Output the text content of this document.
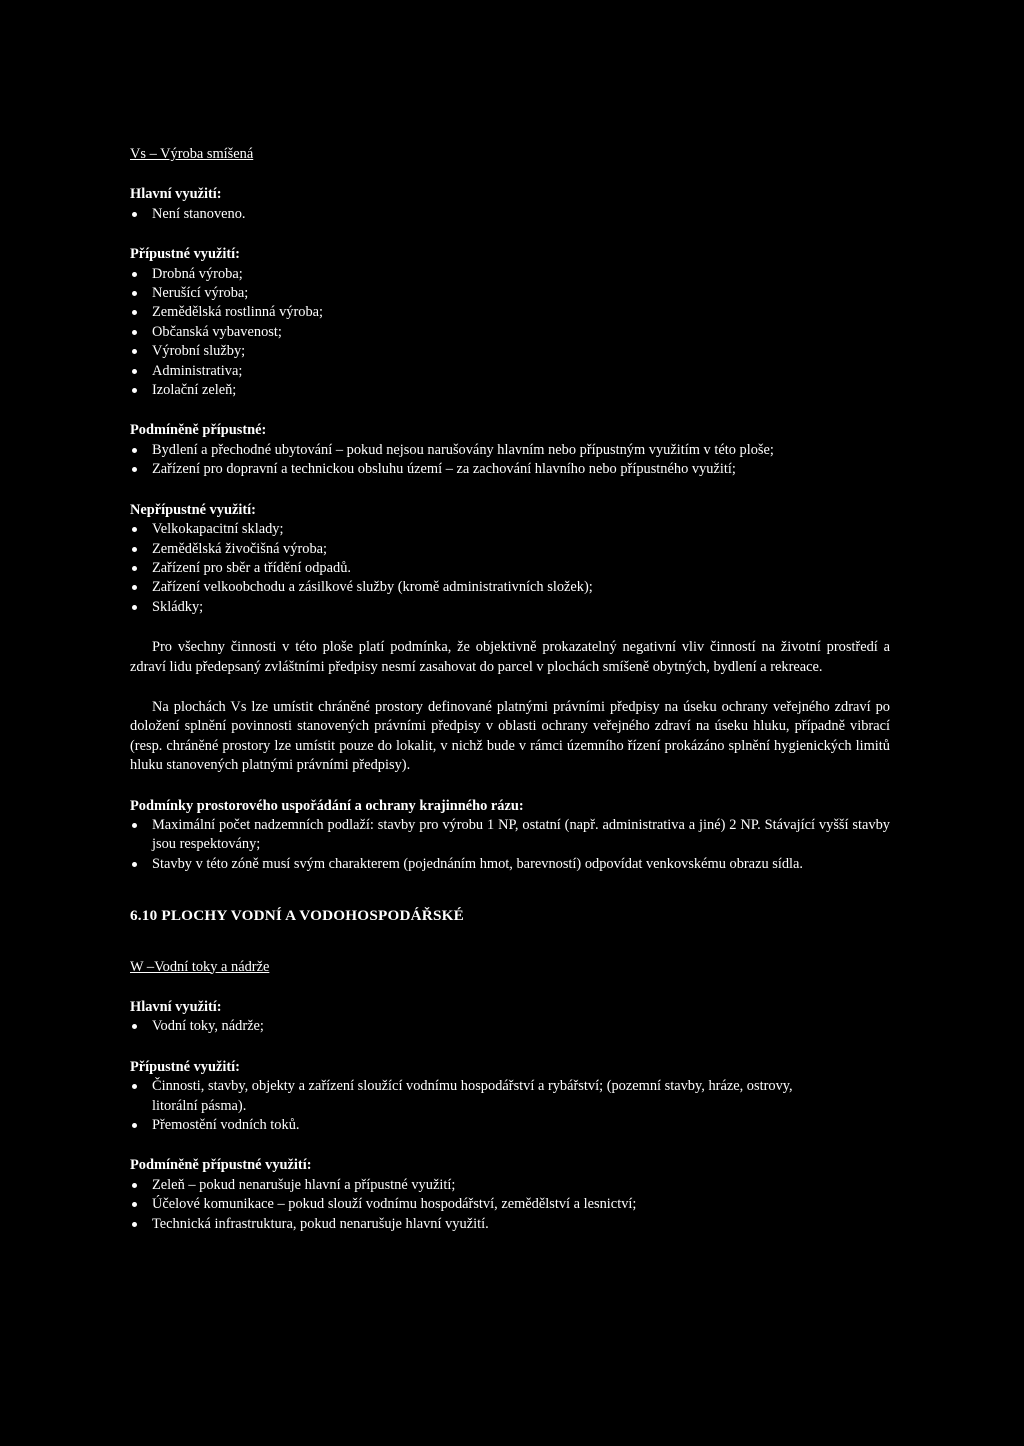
Vs – Výroba smíšená
Hlavní využití:
Není stanoveno.
Přípustné využití:
Drobná výroba;
Nerušící výroba;
Zemědělská rostlinná výroba;
Občanská vybavenost;
Výrobní služby;
Administrativa;
Izolační zeleň;
Podmíněně přípustné:
Bydlení a přechodné ubytování – pokud nejsou narušovány hlavním nebo přípustným využitím v této ploše;
Zařízení pro dopravní a technickou obsluhu území – za zachování hlavního nebo přípustného využití;
Nepřípustné využití:
Velkokapacitní sklady;
Zemědělská živočišná výroba;
Zařízení pro sběr a třídění odpadů.
Zařízení velkoobchodu a zásilkové služby (kromě administrativních složek);
Skládky;

Pro všechny činnosti v této ploše platí podmínka, že objektivně prokazatelný negativní vliv činností na životní prostředí a zdraví lidu předepsaný zvláštními předpisy nesmí zasahovat do parcel v plochách smíšeně obytných, bydlení a rekreace.

Na plochách Vs lze umístit chráněné prostory definované platnými právními předpisy na úseku ochrany veřejného zdraví po doložení splnění povinnosti stanovených právními předpisy v oblasti ochrany veřejného zdraví na úseku hluku, případně vibrací (resp. chráněné prostory lze umístit pouze do lokalit, v nichž bude v rámci územního řízení prokázáno splnění hygienických limitů hluku stanovených platnými právními předpisy).

Podmínky prostorového uspořádání a ochrany krajinného rázu:
Maximální počet nadzemních podlaží: stavby pro výrobu 1 NP, ostatní (např. administrativa a jiné) 2 NP. Stávající vyšší stavby jsou respektovány;
Stavby v této zóně musí svým charakterem (pojednáním hmot, barevností) odpovídat venkovskému obrazu sídla.
6.10 PLOCHY VODNÍ A VODOHOSPODÁŘSKÉ
W –Vodní toky a nádrže
Hlavní využití:
Vodní toky, nádrže;
Přípustné využití:
Činnosti, stavby, objekty a zařízení sloužící vodnímu hospodářství a rybářství; (pozemní stavby, hráze, ostrovy, litorální pásma).
Přemostění vodních toků.
Podmíněně přípustné využití:
Zeleň – pokud nenarušuje hlavní a přípustné využití;
Účelové komunikace – pokud slouží vodnímu hospodářství, zemědělství a lesnictví;
Technická infrastruktura, pokud nenarušuje hlavní využití.
